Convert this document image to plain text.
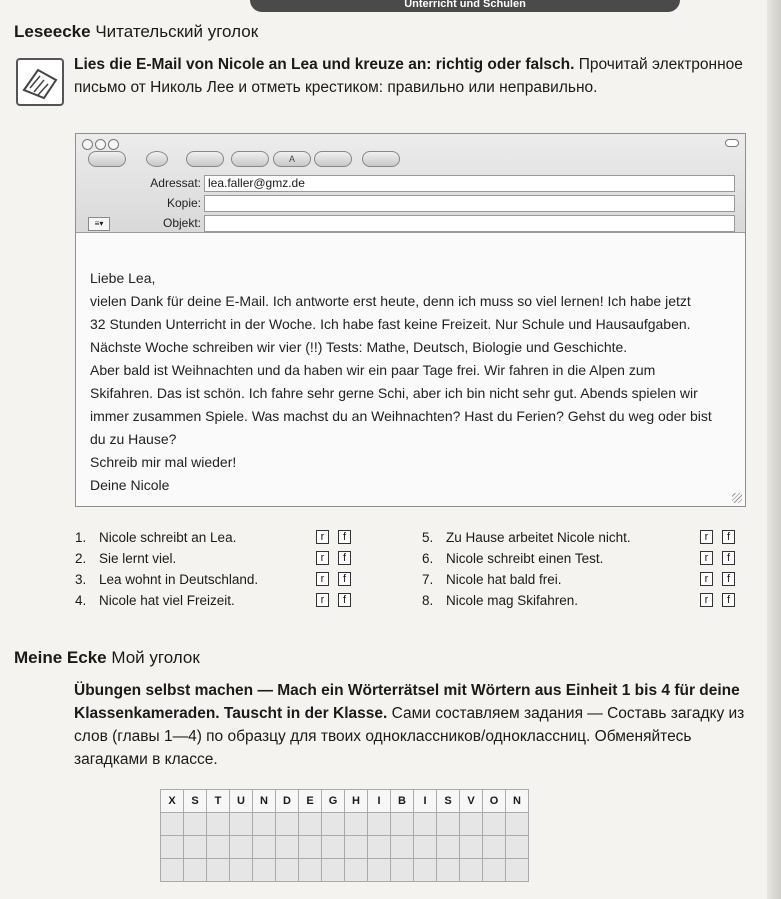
Unterricht und Schulen
Leseecke Читательский уголок
Lies die E-Mail von Nicole an Lea und kreuze an: richtig oder falsch. Прочитай электронное письмо от Николь Лее и отметь крестиком: правильно или неправильно.
A
Adressat: lea.faller@gmz.de
Kopie:
≡▾	Objekt:
Liebe Lea,
vielen Dank für deine E-Mail. Ich antworte erst heute, denn ich muss so viel lernen! Ich habe jetzt
32 Stunden Unterricht in der Woche. Ich habe fast keine Freizeit. Nur Schule und Hausaufgaben.
Nächste Woche schreiben wir vier (!!) Tests: Mathe, Deutsch, Biologie und Geschichte.
Aber bald ist Weihnachten und da haben wir ein paar Tage frei. Wir fahren in die Alpen zum
Skifahren. Das ist schön. Ich fahre sehr gerne Schi, aber ich bin nicht sehr gut. Abends spielen wir
immer zusammen Spiele. Was machst du an Weihnachten? Hast du Ferien? Gehst du weg oder bist
du zu Hause?
Schreib mir mal wieder!
Deine Nicole
1. Nicole schreibt an Lea.	r	f
2. Sie lernt viel.	r	f
3. Lea wohnt in Deutschland.	r	f
4. Nicole hat viel Freizeit.	r	f
5. Zu Hause arbeitet Nicole nicht.	r	f
6. Nicole schreibt einen Test.	r	f
7. Nicole hat bald frei.	r	f
8. Nicole mag Skifahren.	r	f
Meine Ecke Мой уголок
Übungen selbst machen — Mach ein Wörterrätsel mit Wörtern aus Einheit 1 bis 4 für deine Klassenkameraden. Tauscht in der Klasse. Сами составляем задания — Составь загадку из слов (главы 1—4) по образцу для твоих одноклассников/одноклассниц. Обменяйтесь загадками в классе.
X	S	T	U	N	D	E	G	H	I	B	I	S	V	O	N
